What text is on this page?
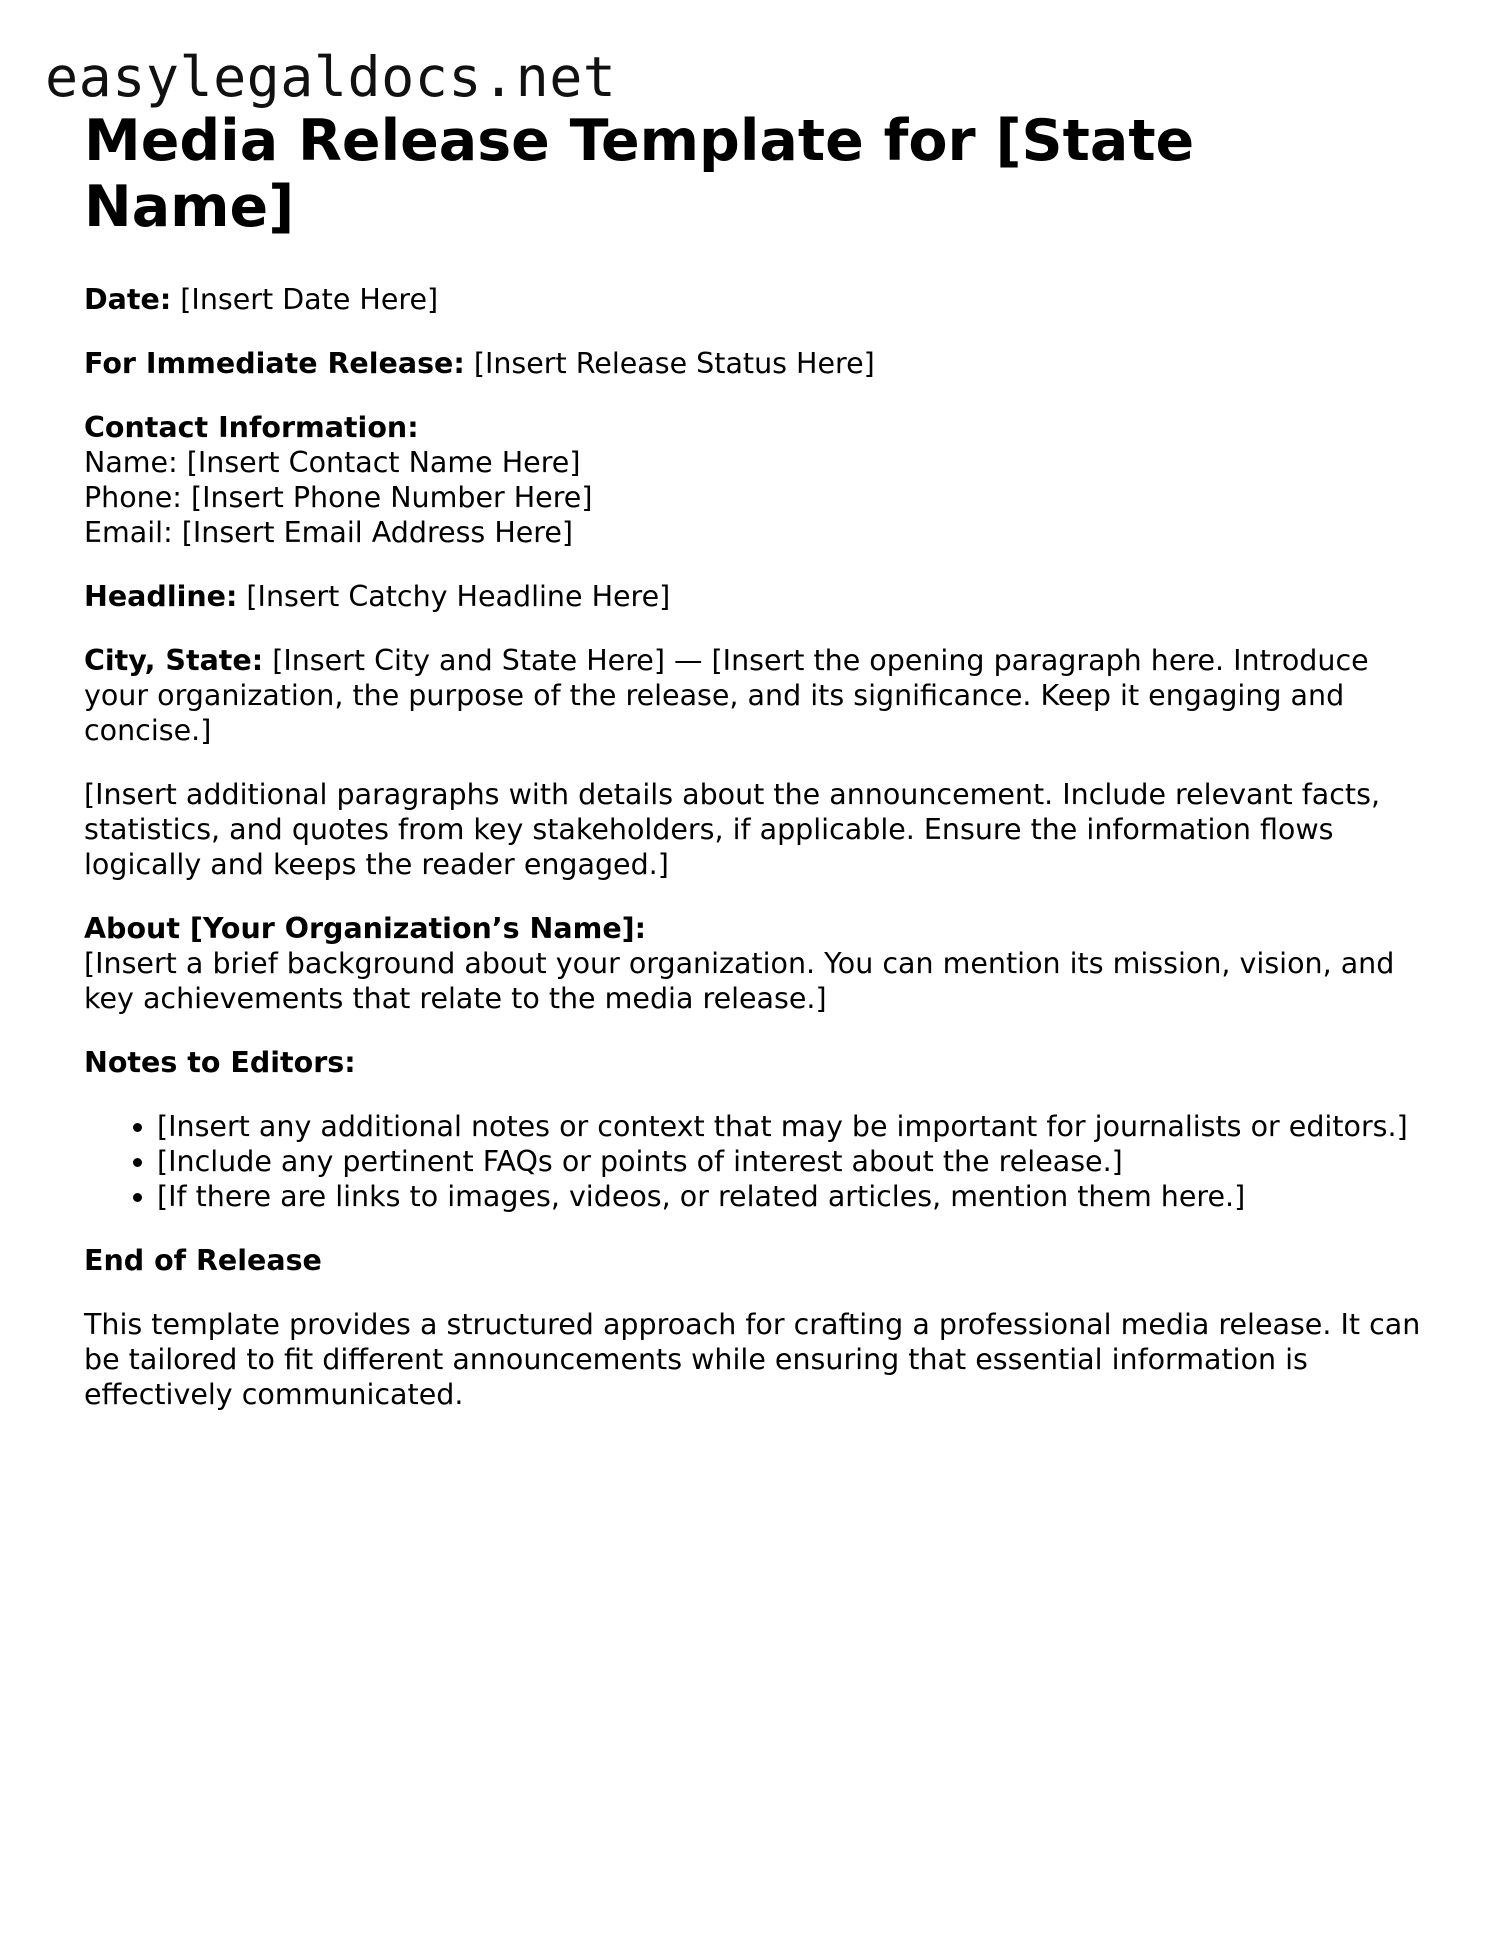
easylegaldocs.net
Media Release Template for [State Name]

Date: [Insert Date Here]

For Immediate Release: [Insert Release Status Here]

Contact Information:
Name: [Insert Contact Name Here]
Phone: [Insert Phone Number Here]
Email: [Insert Email Address Here]

Headline: [Insert Catchy Headline Here]

City, State: [Insert City and State Here] — [Insert the opening paragraph here. Introduce your organization, the purpose of the release, and its significance. Keep it engaging and concise.]

[Insert additional paragraphs with details about the announcement. Include relevant facts, statistics, and quotes from key stakeholders, if applicable. Ensure the information flows logically and keeps the reader engaged.]

About [Your Organization’s Name]:
[Insert a brief background about your organization. You can mention its mission, vision, and key achievements that relate to the media release.]

Notes to Editors:

• [Insert any additional notes or context that may be important for journalists or editors.]
• [Include any pertinent FAQs or points of interest about the release.]
• [If there are links to images, videos, or related articles, mention them here.]

End of Release

This template provides a structured approach for crafting a professional media release. It can be tailored to fit different announcements while ensuring that essential information is effectively communicated.
